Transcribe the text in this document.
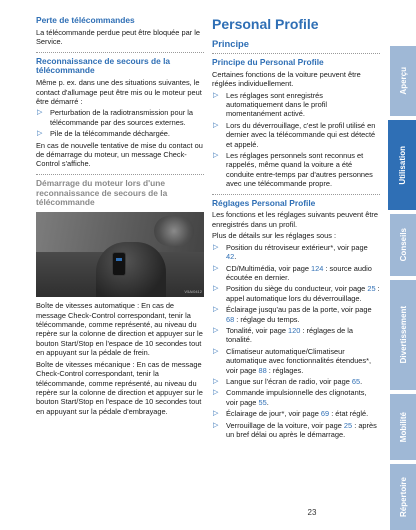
Perte de télécommandes

La télécommande perdue peut être bloquée par le Service.

Reconnaissance de secours de la télécommande

Même p. ex. dans une des situations suivantes, le contact d'allumage peut être mis ou le moteur peut être démarré :

▷ Perturbation de la radiotransmission pour la télécommande par des sources externes.
▷ Pile de la télécommande déchargée.

En cas de nouvelle tentative de mise du contact ou de démarrage du moteur, un message Check-Control s'affiche.

Démarrage du moteur lors d'une reconnaissance de secours de la télécommande
V5A/0412

Boîte de vitesses automatique : En cas de message Check-Control correspondant, tenir la télécommande, comme représenté, au niveau du repère sur la colonne de direction et appuyer sur le bouton Start/Stop en l'espace de 10 secondes tout en appuyant sur la pédale de frein.

Boîte de vitesses mécanique : En cas de message Check-Control correspondant, tenir la télécommande, comme représenté, au niveau du repère sur la colonne de direction et appuyer sur le bouton Start/Stop en l'espace de 10 secondes tout en appuyant sur la pédale d'embrayage.

Personal Profile
Principe
Principe du Personal Profile

Certaines fonctions de la voiture peuvent être réglées individuellement.

▷ Les réglages sont enregistrés automatiquement dans le profil momentanément activé.
▷ Lors du déverrouillage, c'est le profil utilisé en dernier avec la télécommande qui est détecté et appelé.
▷ Les réglages personnels sont reconnus et rappelés, même quand la voiture a été conduite entre-temps par d'autres personnes avec une télécommande propre.
Réglages Personal Profile

Les fonctions et les réglages suivants peuvent être enregistrés dans un profil.

Plus de détails sur les réglages sous :

▷ Position du rétroviseur extérieur*, voir page 42.
▷ CD/Multimédia, voir page 124 : source audio écoutée en dernier.
▷ Position du siège du conducteur, voir page 25 : appel automatique lors du déverrouillage.
▷ Éclairage jusqu'au pas de la porte, voir page 68 : réglage du temps.
▷ Tonalité, voir page 120 : réglages de la tonalité.
▷ Climatiseur automatique/Climatiseur automatique avec fonctionnalités étendues*, voir page 88 : réglages.
▷ Langue sur l'écran de radio, voir page 65.
▷ Commande impulsionnelle des clignotants, voir page 55.
▷ Éclairage de jour*, voir page 69 : état réglé.
▷ Verrouillage de la voiture, voir page 25 : après un bref délai ou après le démarrage.
Aperçu
Utilisation
Conseils
Divertissement
Mobilité
Répertoire
23
